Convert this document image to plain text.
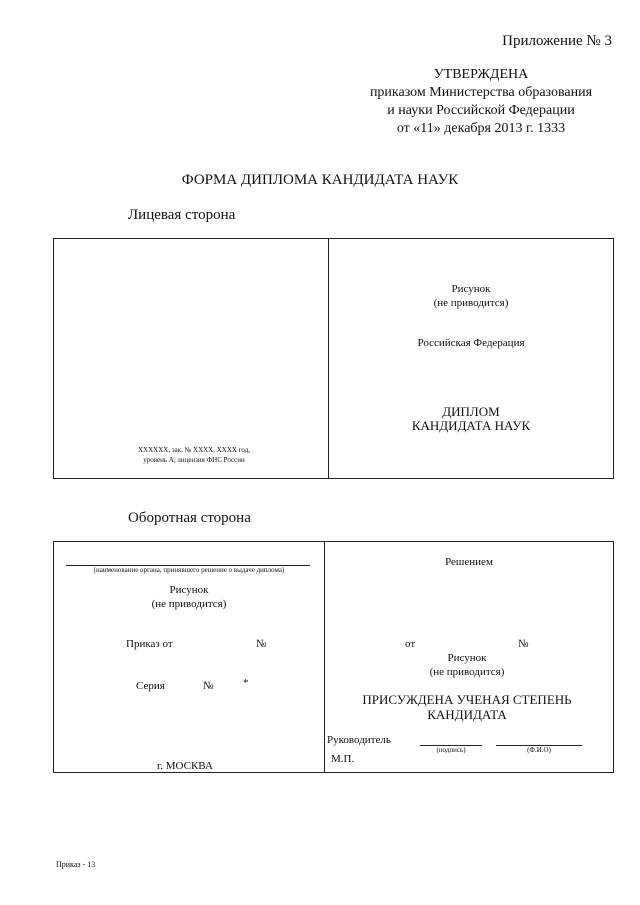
Приложение № 3
УТВЕРЖДЕНА
приказом Министерства образования
и науки Российской Федерации
от «11» декабря 2013 г. 1333
ФОРМА ДИПЛОМА КАНДИДАТА НАУК
Лицевая сторона
XXXXXX, зак. № XXXX, XXXX год,
уровень А, лицензия ФНС России
Рисунок
(не приводится)
Российская Федерация
ДИПЛОМ
КАНДИДАТА НАУК
Оборотная сторона
(наименование органа, принявшего решение о выдаче диплома)
Рисунок
(не приводится)
Приказ от	№
Серия	№	*
г. МОСКВА
Решением
от	№
Рисунок
(не приводится)
ПРИСУЖДЕНА УЧЕНАЯ СТЕПЕНЬ
КАНДИДАТА
Руководитель
(подпись)	(Ф.И.О)
М.П.
Приказ - 13
